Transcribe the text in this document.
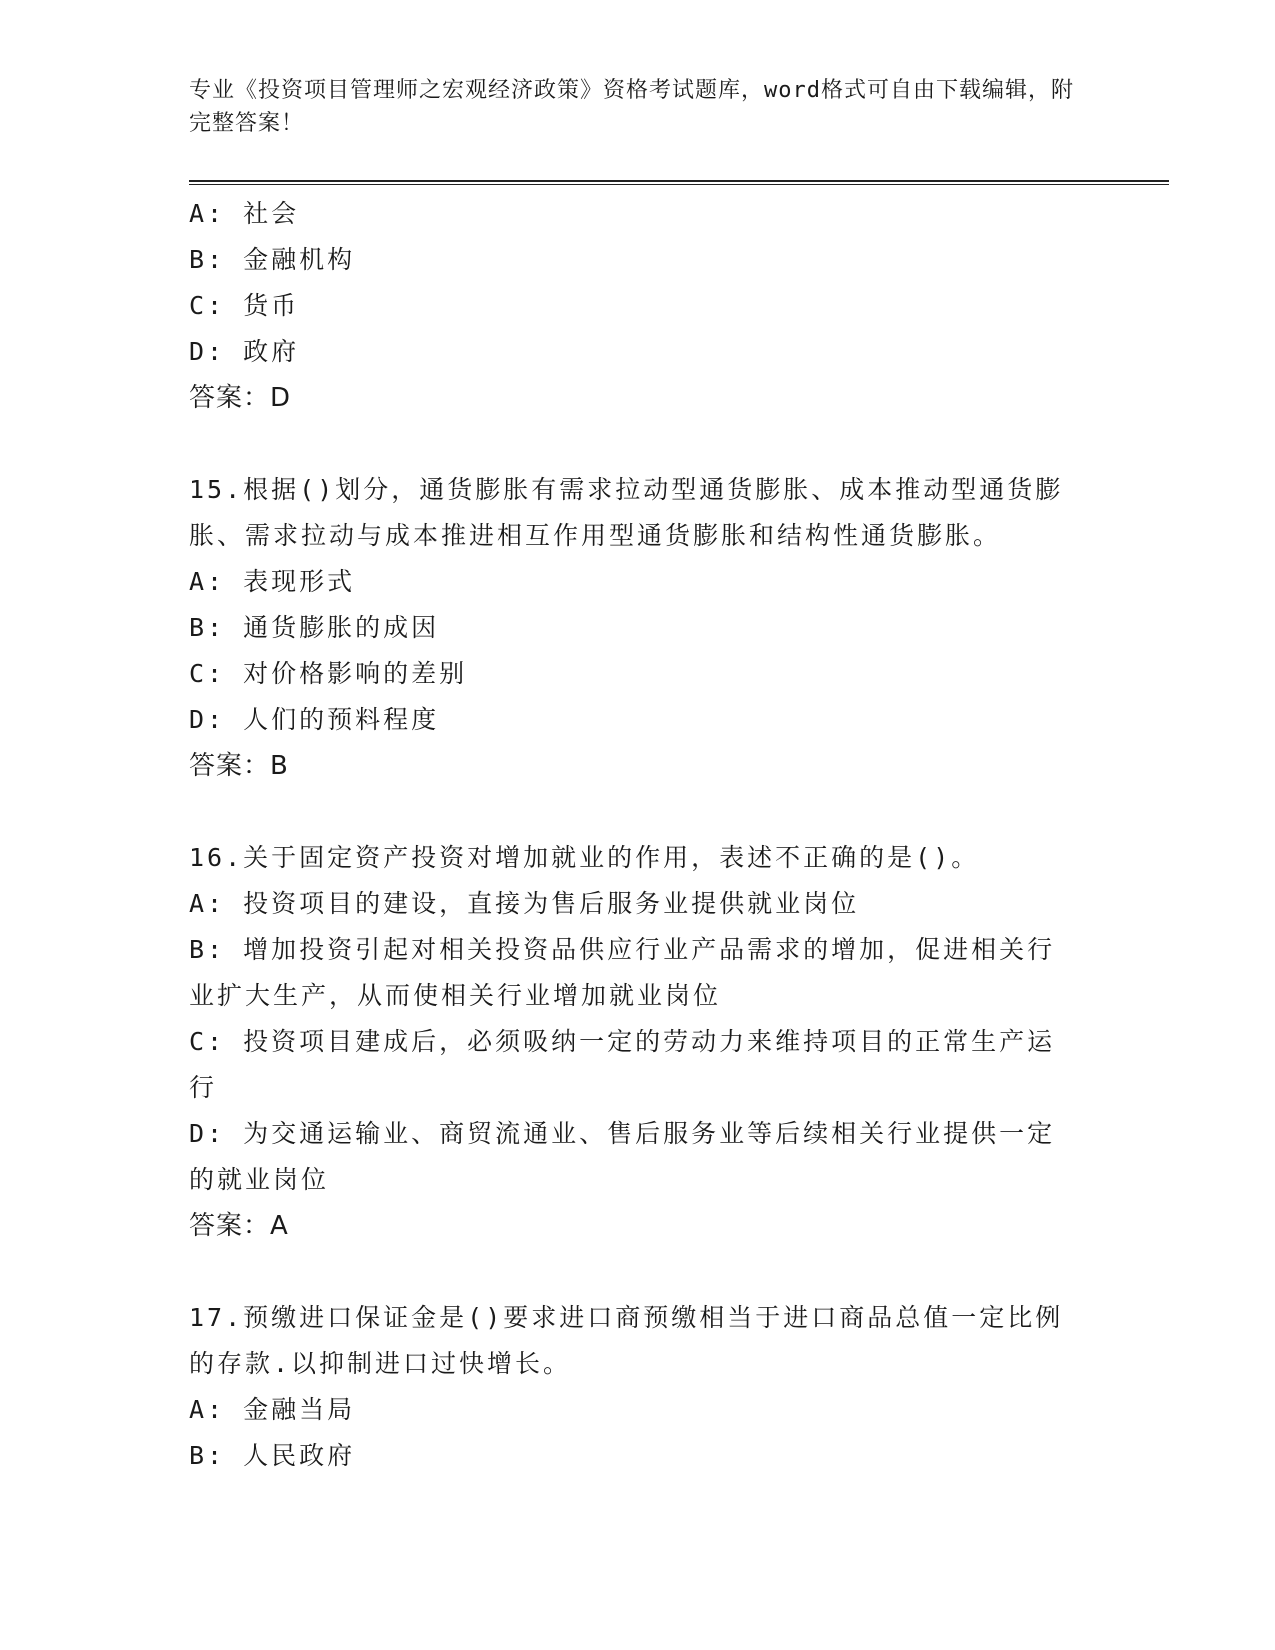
专业《投资项目管理师之宏观经济政策》资格考试题库，word格式可自由下载编辑，附完整答案！
A: 社会
B: 金融机构
C: 货币
D: 政府
答案：D
15.根据()划分，通货膨胀有需求拉动型通货膨胀、成本推动型通货膨
胀、需求拉动与成本推进相互作用型通货膨胀和结构性通货膨胀。
A: 表现形式
B: 通货膨胀的成因
C: 对价格影响的差别
D: 人们的预料程度
答案：B
16.关于固定资产投资对增加就业的作用，表述不正确的是()。
A: 投资项目的建设，直接为售后服务业提供就业岗位
B: 增加投资引起对相关投资品供应行业产品需求的增加，促进相关行
业扩大生产，从而使相关行业增加就业岗位
C: 投资项目建成后，必须吸纳一定的劳动力来维持项目的正常生产运
行
D: 为交通运输业、商贸流通业、售后服务业等后续相关行业提供一定
的就业岗位
答案：A
17.预缴进口保证金是()要求进口商预缴相当于进口商品总值一定比例
的存款.以抑制进口过快增长。
A: 金融当局
B: 人民政府
